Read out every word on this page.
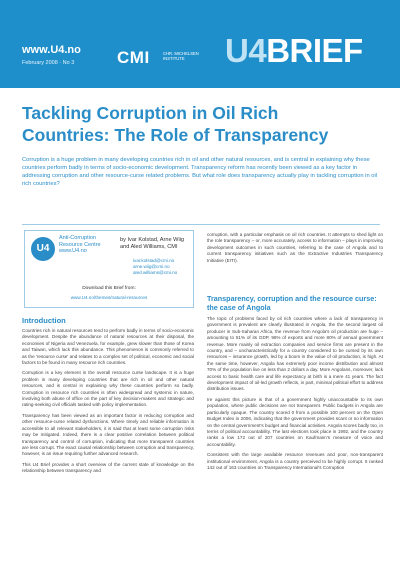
www.U4.no
February 2008 · No 3	CMI	CHR. MICHELSEN INSTITUTE	U4BRIEF
Tackling Corruption in Oil Rich Countries: The Role of Transparency

Corruption is a huge problem in many developing countries rich in oil and other natural resources, and is central in explaining why these countries perform badly in terms of socio-economic development. Transparency reform has recently been viewed as a key factor in addressing corruption and other resource-curse related problems. But what role does transparency actually play in tackling corruption in oil rich countries?

U4
Anti-Corruption Resource Centre www.U4.no
by Ivar Kolstad, Arne Wiig and Aled Williams, CMI
ivar.kolstad@cmi.no arne.wiig@cmi.no aled.williams@cmi.no
Download this Brief from:
www.U4.no/themes/natural-resources
Introduction

Countries rich in natural resources tend to perform badly in terms of socio-economic development. Despite the abundance of natural resources at their disposal, the economies of Nigeria and Venezuela, for example, grew slower than those of Korea and Taiwan, which lack this abundance. This phenomenon is commonly referred to as the 'resource curse' and relates to a complex set of political, economic and social factors to be found in many resource rich countries.

Corruption is a key element in the overall resource curse landscape. It is a huge problem in many developing countries that are rich in oil and other natural resources, and is central in explaining why these countries perform so badly. Corruption in resource rich countries is often widespread and systemic in nature, involving both abuse of office on the part of key decision-makers and strategic and rating-seeking civil officials tasked with policy implementation.

Transparency has been viewed as an important factor in reducing corruption and other resource-curse related dysfunctions. Where timely and reliable information is accessible to all relevant stakeholders, it is said that at least some corruption risks may be mitigated. Indeed, there is a clear positive correlation between political transparency and control of corruption, indicating that more transparent countries are less corrupt. The exact causal relationship between corruption and transparency, however, is an issue requiring further advanced research.

This U4 Brief provides a short overview of the current state of knowledge on the relationship between transparency and

corruption, with a particular emphasis on oil rich countries. It attempts to shed light on the role transparency – or, more accurately, access to information – plays in improving development outcomes in such countries, referring to the case of Angola and to current transparency initiatives such as the Extractive Industries Transparency Initiative (EITI).

Transparency, corruption and the resource curse: the case of Angola

The topic of problems faced by oil rich countries where a lack of transparency in government is prevalent are clearly illustrated in Angola, the the second largest oil producer in Sub-Saharan Africa, the revenue from Angola's oil production are huge – amounting to 51% of its GDP, 96% of exports and more 80% of annual government revenue. More mainly oil extraction companies and service firms are present in the country, and – uncharacteristically for a country considered to be cursed by its own resources – insurance growth, led by a boom in the value of oil production, is high. At the same time, however, Angola has extremely poor income distribution and almost 70% of the population live on less than 2 dollars a day. More Angolans, moreover, lack access to basic health care and life expectancy at birth is a mere 41 years. The fact development impact of oil-led growth reflects, in part, minimal political effort to address distribution issues.

Ire against this picture is that of a government highly unaccountable to its own population, where public decisions are not transparent. Public budgets in Angola are particularly opaque. The country scored 0 from a possible 100 percent on the Open Budget Index in 2006, indicating that the government provides scant or no information on the central government's budget and financial activities. Angola scores badly too, in terms of political accountability. The last elections took place in 1992, and the country ranks a low 172 out of 207 countries on Kaufmann's measure of voice and accountability.

Consistent with the large available resource revenues and poor, non-transparent institutional environment, Angola is a country perceived to be highly corrupt. It ranked 142 out of 163 countries on Transparency International's Corruption
